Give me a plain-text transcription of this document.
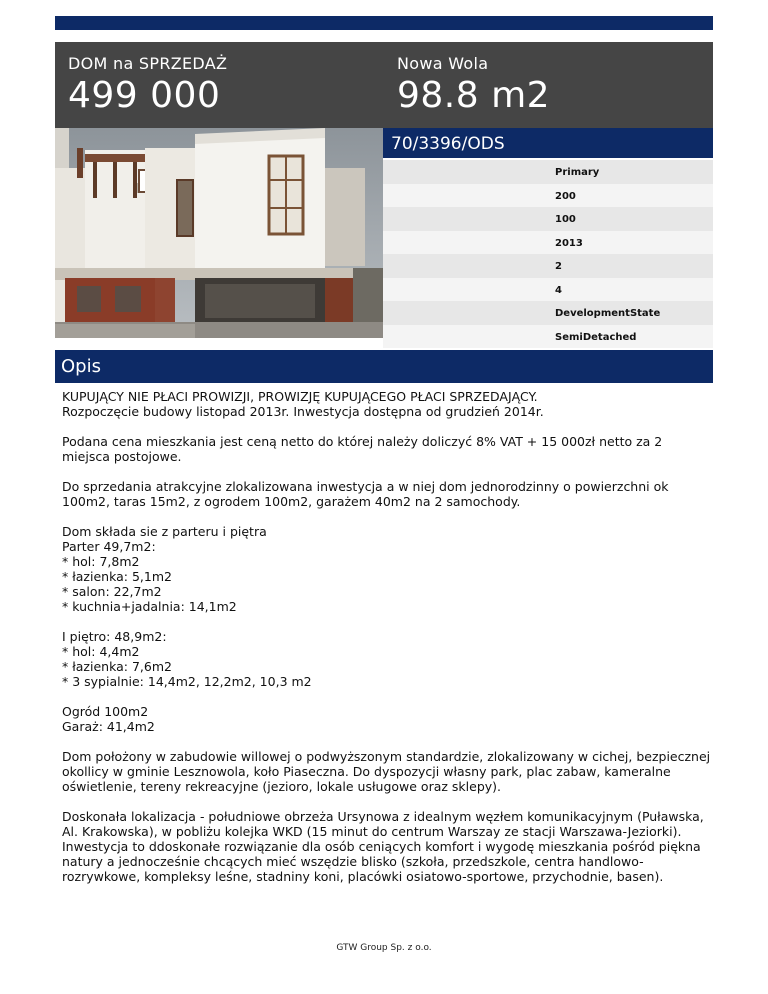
DOM na SPRZEDAŻ
499 000
Nowa Wola
98.8 m2
70/3396/ODS
Primary
200
100
2013
2
4
DevelopmentState
SemiDetached
Opis

KUPUJĄCY NIE PŁACI PROWIZJI, PROWIZJĘ KUPUJĄCEGO PŁACI SPRZEDAJĄCY.
Rozpoczęcie budowy listopad 2013r. Inwestycja dostępna od grudzień 2014r.

Podana cena mieszkania jest ceną netto do której należy doliczyć 8% VAT + 15 000zł netto za 2 miejsca postojowe.

Do sprzedania atrakcyjne zlokalizowana inwestycja a w niej dom jednorodzinny o powierzchni ok 100m2, taras 15m2, z ogrodem 100m2, garażem 40m2 na 2 samochody.

Dom składa sie z parteru i piętra
Parter 49,7m2:
* hol: 7,8m2
* łazienka: 5,1m2
* salon: 22,7m2
* kuchnia+jadalnia: 14,1m2

I piętro: 48,9m2:
* hol: 4,4m2
* łazienka: 7,6m2
* 3 sypialnie: 14,4m2, 12,2m2, 10,3 m2

Ogród 100m2
Garaż: 41,4m2

Dom położony w zabudowie willowej o podwyższonym standardzie, zlokalizowany w cichej, bezpiecznej okollicy w gminie Lesznowola, koło Piaseczna. Do dyspozycji własny park, plac zabaw, kameralne oświetlenie, tereny rekreacyjne (jezioro, lokale usługowe oraz sklepy).

Doskonała lokalizacja - południowe obrzeża Ursynowa z idealnym węzłem komunikacyjnym (Puławska, Al. Krakowska), w pobliżu kolejka WKD (15 minut do centrum Warszay ze stacji Warszawa-Jeziorki).
Inwestycja to ddoskonałe rozwiązanie dla osób ceniących komfort i wygodę mieszkania pośród piękna natury a jednocześnie chcących mieć wszędzie blisko (szkoła, przedszkole, centra handlowo-rozrywkowe, kompleksy leśne, stadniny koni, placówki osiatowo-sportowe, przychodnie, basen).

GTW Group Sp. z o.o.
